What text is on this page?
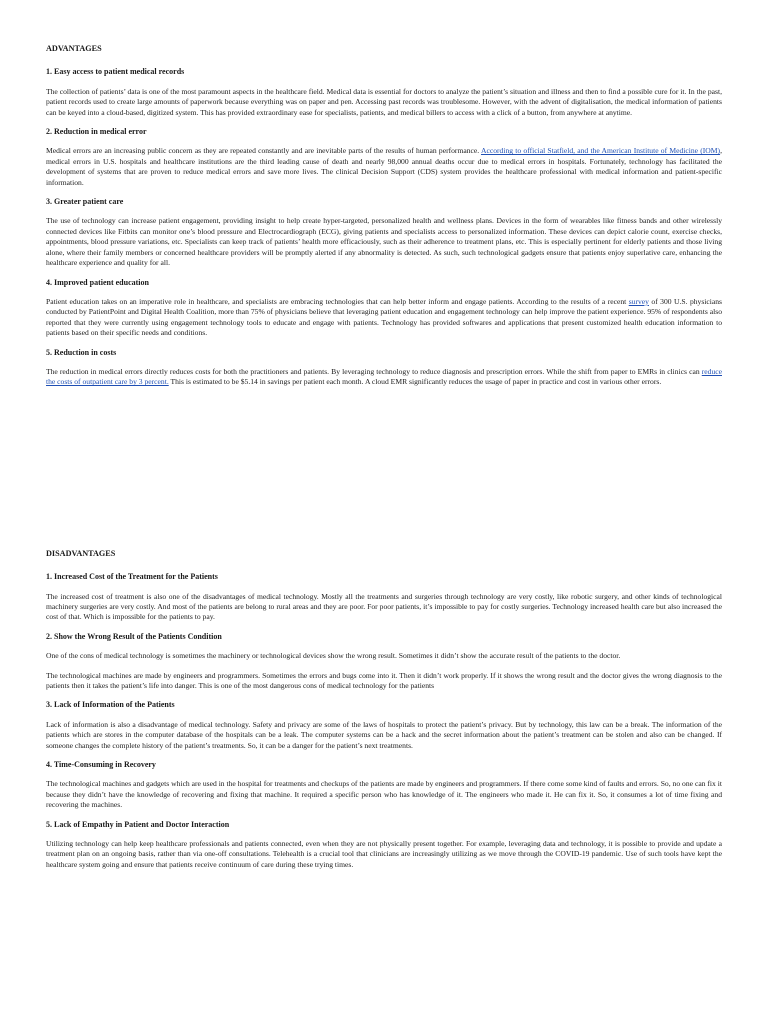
ADVANTAGES
1. Easy access to patient medical records

The collection of patients’ data is one of the most paramount aspects in the healthcare field. Medical data is essential for doctors to analyze the patient’s situation and illness and then to find a possible cure for it. In the past, patient records used to create large amounts of paperwork because everything was on paper and pen. Accessing past records was troublesome. However, with the advent of digitalisation, the medical information of patients can be keyed into a cloud-based, digitized system. This has provided extraordinary ease for specialists, patients, and medical billers to access with a click of a button, from anywhere at anytime.

2. Reduction in medical error

Medical errors are an increasing public concern as they are repeated constantly and are inevitable parts of the results of human performance. According to official Statfield, and the American Institute of Medicine (IOM), medical errors in U.S. hospitals and healthcare institutions are the third leading cause of death and nearly 98,000 annual deaths occur due to medical errors in hospitals. Fortunately, technology has facilitated the development of systems that are proven to reduce medical errors and save more lives. The clinical Decision Support (CDS) system provides the healthcare professional with medical information and patient-specific information.

3. Greater patient care

The use of technology can increase patient engagement, providing insight to help create hyper-targeted, personalized health and wellness plans. Devices in the form of wearables like fitness bands and other wirelessly connected devices like Fitbits can monitor one’s blood pressure and Electrocardiograph (ECG), giving patients and specialists access to personalized information. These devices can depict calorie count, exercise checks, appointments, blood pressure variations, etc. Specialists can keep track of patients’ health more efficaciously, such as their adherence to treatment plans, etc. This is especially pertinent for elderly patients and those living alone, where their family members or concerned healthcare providers will be promptly alerted if any abnormality is detected. As such, such technological gadgets ensure that patients enjoy superlative care, enhancing the healthcare experience and quality for all.

4. Improved patient education

Patient education takes on an imperative role in healthcare, and specialists are embracing technologies that can help better inform and engage patients. According to the results of a recent survey of 300 U.S. physicians conducted by PatientPoint and Digital Health Coalition, more than 75% of physicians believe that leveraging patient education and engagement technology can help improve the patient experience. 95% of respondents also reported that they were currently using engagement technology tools to educate and engage with patients. Technology has provided softwares and applications that present customized health education information to patients based on their specific needs and conditions.

5. Reduction in costs

The reduction in medical errors directly reduces costs for both the practitioners and patients. By leveraging technology to reduce diagnosis and prescription errors. While the shift from paper to EMRs in clinics can reduce the costs of outpatient care by 3 percent. This is estimated to be $5.14 in savings per patient each month. A cloud EMR significantly reduces the usage of paper in practice and cost in various other errors.

DISADVANTAGES
1. Increased Cost of the Treatment for the Patients

The increased cost of treatment is also one of the disadvantages of medical technology. Mostly all the treatments and surgeries through technology are very costly, like robotic surgery, and other kinds of technological machinery surgeries are very costly. And most of the patients are belong to rural areas and they are poor. For poor patients, it’s impossible to pay for costly surgeries. Technology increased health care but also increased the cost of that. Which is impossible for the patients to pay.

2. Show the Wrong Result of the Patients Condition

One of the cons of medical technology is sometimes the machinery or technological devices show the wrong result. Sometimes it didn’t show the accurate result of the patients to the doctor.

The technological machines are made by engineers and programmers. Sometimes the errors and bugs come into it. Then it didn’t work properly. If it shows the wrong result and the doctor gives the wrong diagnosis to the patients then it takes the patient’s life into danger. This is one of the most dangerous cons of medical technology for the patients

3. Lack of Information of the Patients

Lack of information is also a disadvantage of medical technology. Safety and privacy are some of the laws of hospitals to protect the patient’s privacy. But by technology, this law can be a break. The information of the patients which are stores in the computer database of the hospitals can be a leak. The computer systems can be a hack and the secret information about the patient’s treatment can be stolen and also can be changed. If someone changes the complete history of the patient’s treatments. So, it can be a danger for the patient’s next treatments.

4. Time-Consuming in Recovery

The technological machines and gadgets which are used in the hospital for treatments and checkups of the patients are made by engineers and programmers. If there come some kind of faults and errors. So, no one can fix it because they didn’t have the knowledge of recovering and fixing that machine. It required a specific person who has knowledge of it. The engineers who made it. He can fix it. So, it consumes a lot of time fixing and recovering the machines.

5. Lack of Empathy in Patient and Doctor Interaction

Utilizing technology can help keep healthcare professionals and patients connected, even when they are not physically present together. For example, leveraging data and technology, it is possible to provide and update a treatment plan on an ongoing basis, rather than via one-off consultations. Telehealth is a crucial tool that clinicians are increasingly utilizing as we move through the COVID-19 pandemic. Use of such tools have kept the healthcare system going and ensure that patients receive continuum of care during these trying times.
